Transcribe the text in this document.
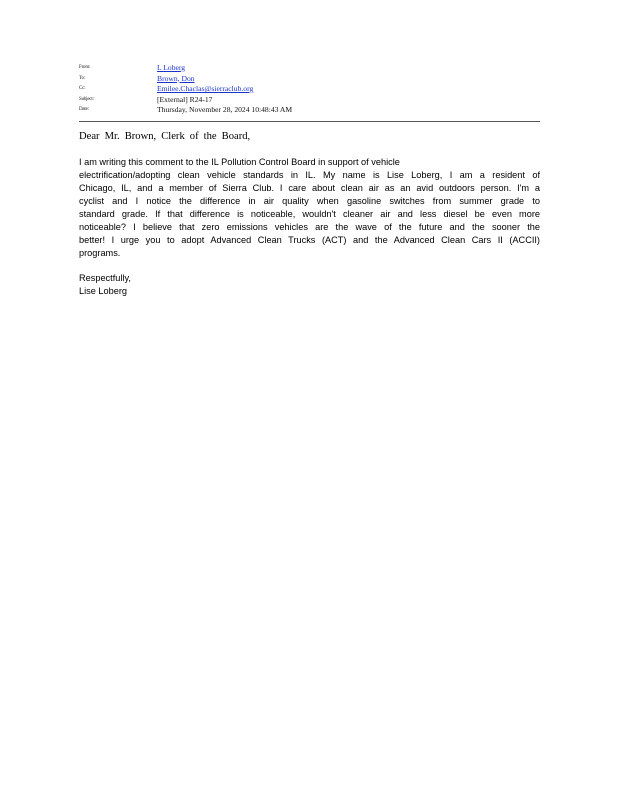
From:	L Loberg
To:	Brown, Don
Cc:	Emilee.Chaclas@sierraclub.org
Subject:	[External] R24-17
Date:	Thursday, November 28, 2024 10:48:43 AM
Dear Mr. Brown, Clerk of the Board,
I am writing this comment to the IL Pollution Control Board in support of vehicle
electrification/adopting clean vehicle standards in IL. My name is Lise Loberg, I am a resident of
Chicago, IL, and a member of Sierra Club. I care about clean air as an avid outdoors person. I'm a
cyclist and I notice the difference in air quality when gasoline switches from summer grade to
standard grade. If that difference is noticeable, wouldn't cleaner air and less diesel be even more
noticeable? I believe that zero emissions vehicles are the wave of the future and the sooner the
better! I urge you to adopt Advanced Clean Trucks (ACT) and the Advanced Clean Cars II (ACCII)
programs.
Respectfully,
Lise Loberg
